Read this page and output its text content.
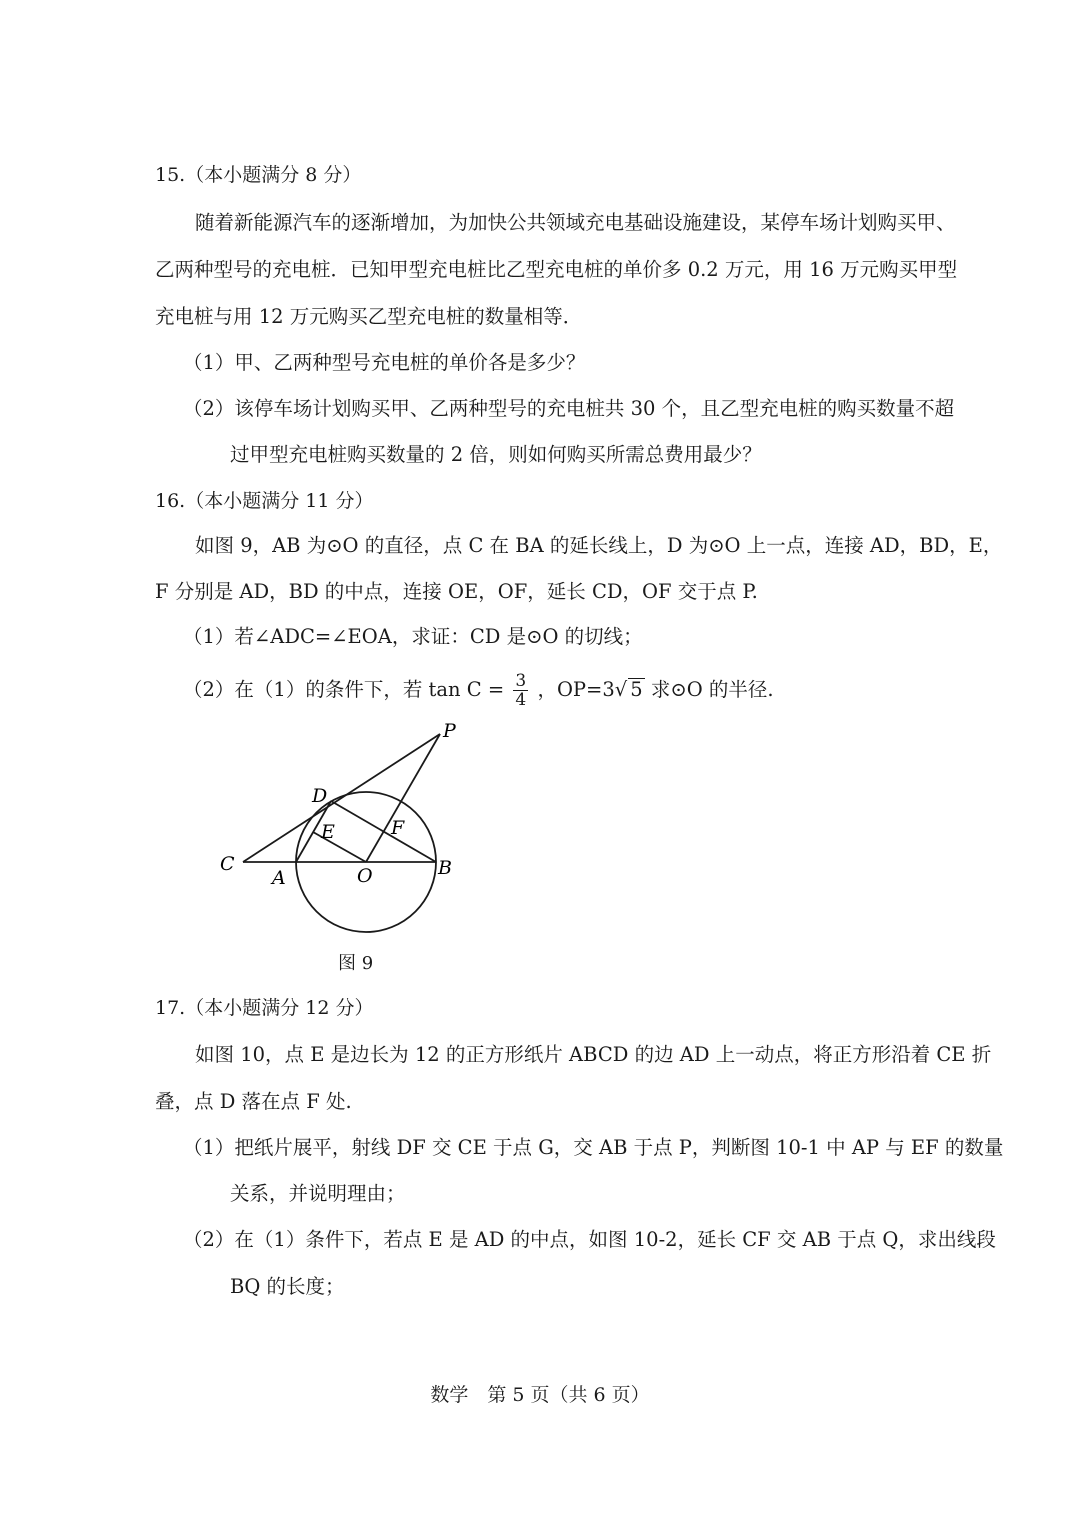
15.（本小题满分 8 分）
随着新能源汽车的逐渐增加，为加快公共领域充电基础设施建设，某停车场计划购买甲、
乙两种型号的充电桩．已知甲型充电桩比乙型充电桩的单价多 0.2 万元，用 16 万元购买甲型
充电桩与用 12 万元购买乙型充电桩的数量相等．
（1）甲、乙两种型号充电桩的单价各是多少？
（2）该停车场计划购买甲、乙两种型号的充电桩共 30 个，且乙型充电桩的购买数量不超
过甲型充电桩购买数量的 2 倍，则如何购买所需总费用最少？
16.（本小题满分 11 分）
如图 9，AB 为⊙O 的直径，点 C 在 BA 的延长线上，D 为⊙O 上一点，连接 AD，BD，E，
F 分别是 AD，BD 的中点，连接 OE，OF，延长 CD，OF 交于点 P.
（1）若∠ADC=∠EOA，求证：CD 是⊙O 的切线；
（2）在（1）的条件下，若 $\tan C = \frac{3}{4}$ ，OP=3√ 5 求⊙O 的半径.
P
D
E	F
C
A	O	B
图 9
17.（本小题满分 12 分）
如图 10，点 E 是边长为 12 的正方形纸片 ABCD 的边 AD 上一动点，将正方形沿着 CE 折
叠，点 D 落在点 F 处.
（1）把纸片展平，射线 DF 交 CE 于点 G，交 AB 于点 P，判断图 10-1 中 AP 与 EF 的数量
关系，并说明理由；
（2）在（1）条件下，若点 E 是 AD 的中点，如图 10-2，延长 CF 交 AB 于点 Q，求出线段
BQ 的长度；
数学　第 5 页（共 6 页）
